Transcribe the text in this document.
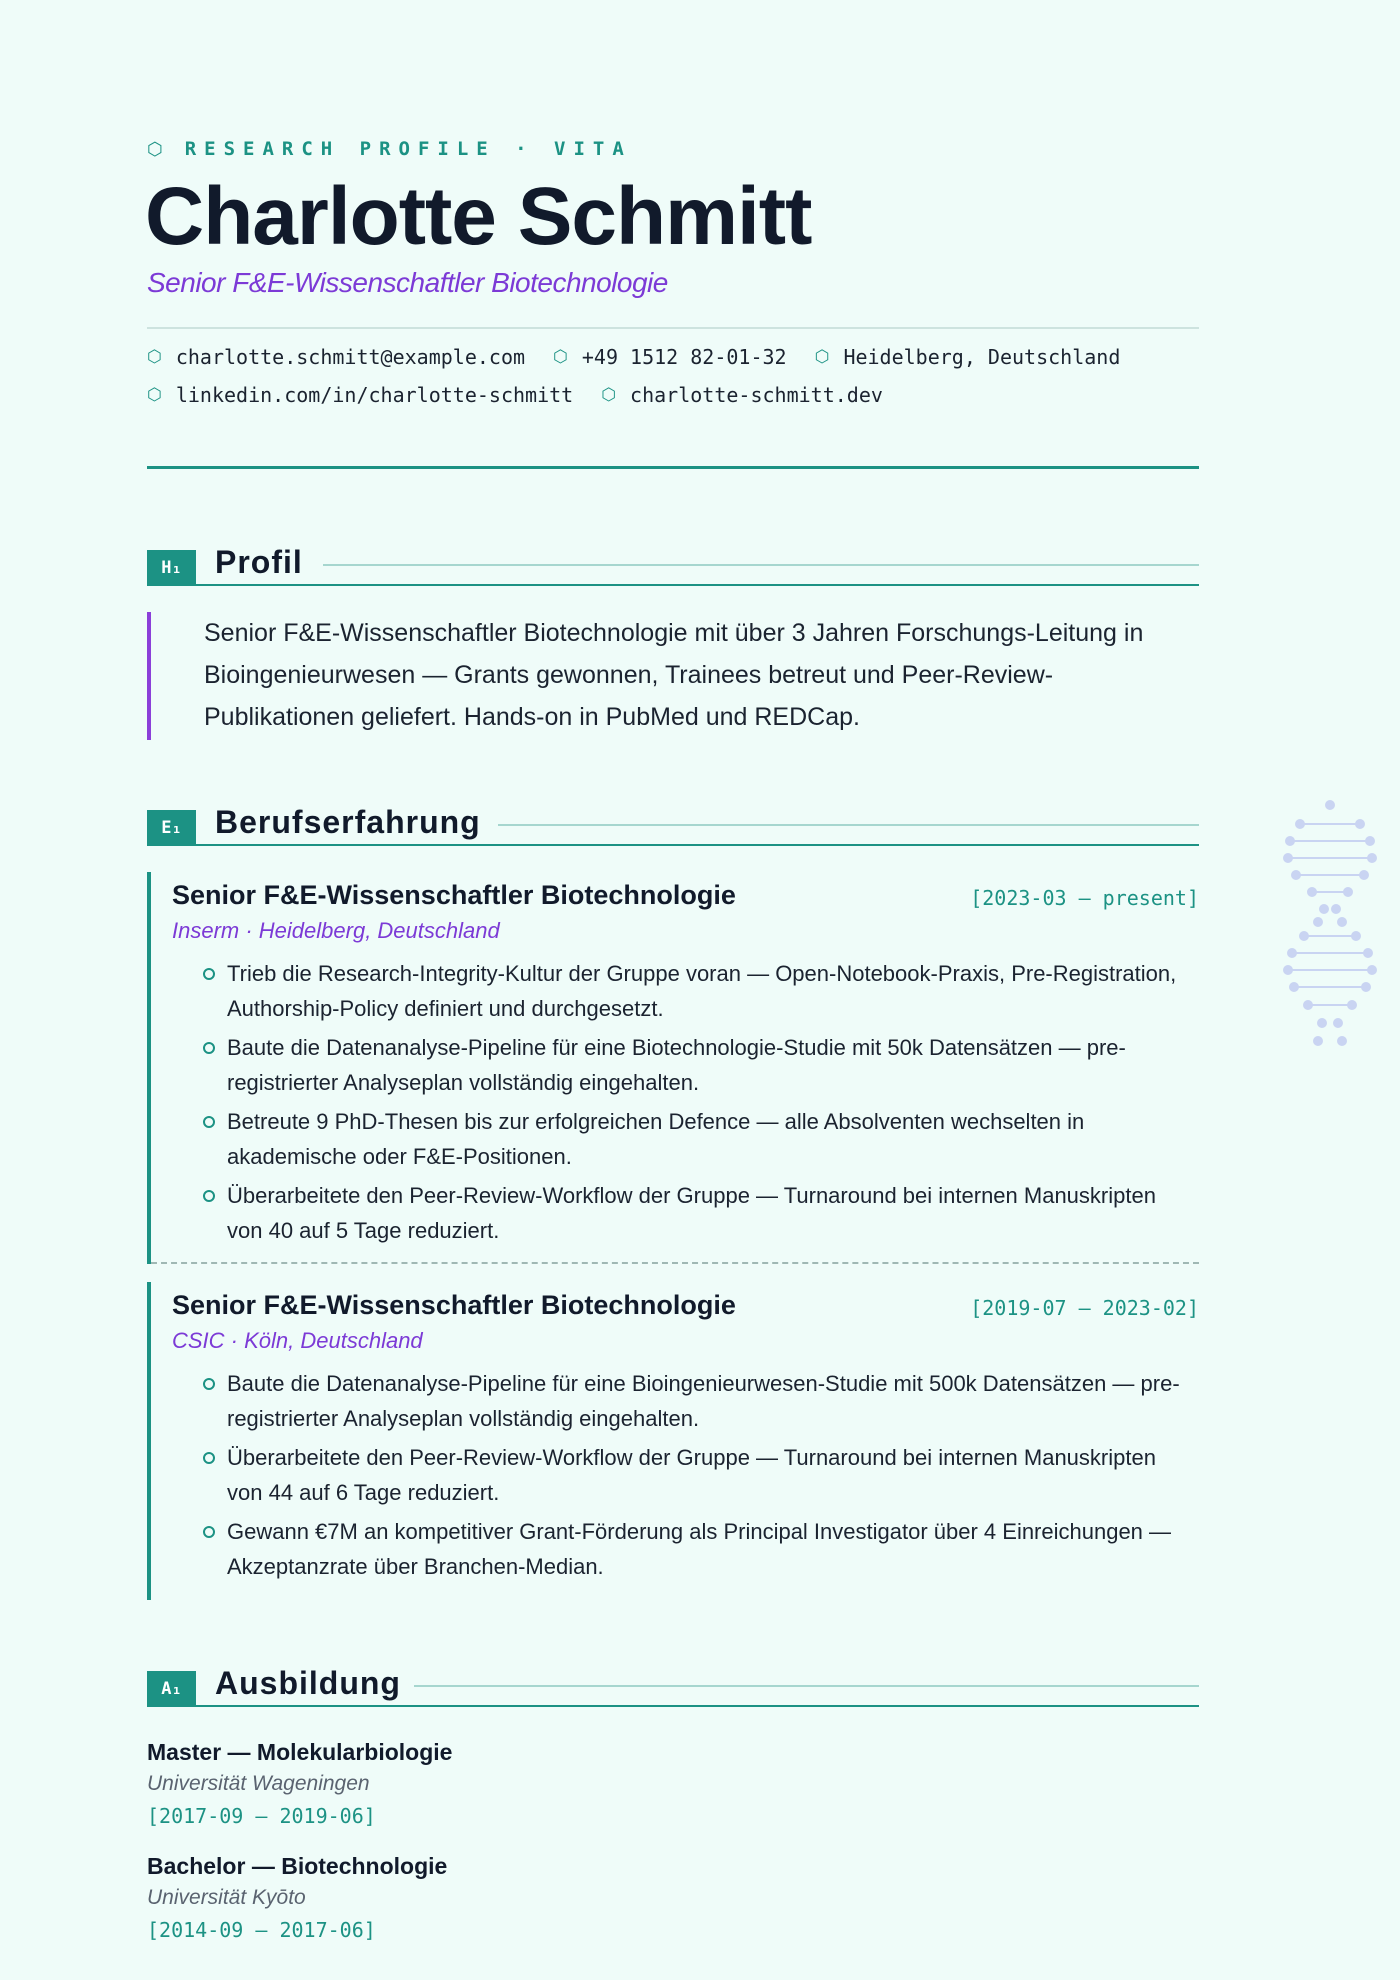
⬡ RESEARCH PROFILE · VITA
Charlotte Schmitt
Senior F&E-Wissenschaftler Biotechnologie
⬡ charlotte.schmitt@example.com ⬡ +49 1512 82-01-32 ⬡ Heidelberg, Deutschland
⬡ linkedin.com/in/charlotte-schmitt ⬡ charlotte-schmitt.dev
H₁	Profil
Senior F&E-Wissenschaftler Biotechnologie mit über 3 Jahren Forschungs-Leitung in Bioingenieurwesen — Grants gewonnen, Trainees betreut und Peer-Review-Publikationen geliefert. Hands-on in PubMed und REDCap.
E₁	Berufserfahrung
Senior F&E-Wissenschaftler Biotechnologie	[2023-03 — present]
Inserm · Heidelberg, Deutschland
Trieb die Research-Integrity-Kultur der Gruppe voran — Open-Notebook-Praxis, Pre-Registration, Authorship-Policy definiert und durchgesetzt.
Baute die Datenanalyse-Pipeline für eine Biotechnologie-Studie mit 50k Datensätzen — pre-registrierter Analyseplan vollständig eingehalten.
Betreute 9 PhD-Thesen bis zur erfolgreichen Defence — alle Absolventen wechselten in akademische oder F&E-Positionen.
Überarbeitete den Peer-Review-Workflow der Gruppe — Turnaround bei internen Manuskripten von 40 auf 5 Tage reduziert.
Senior F&E-Wissenschaftler Biotechnologie	[2019-07 — 2023-02]
CSIC · Köln, Deutschland
Baute die Datenanalyse-Pipeline für eine Bioingenieurwesen-Studie mit 500k Datensätzen — pre-registrierter Analyseplan vollständig eingehalten.
Überarbeitete den Peer-Review-Workflow der Gruppe — Turnaround bei internen Manuskripten von 44 auf 6 Tage reduziert.
Gewann €7M an kompetitiver Grant-Förderung als Principal Investigator über 4 Einreichungen — Akzeptanzrate über Branchen-Median.
A₁	Ausbildung
Master — Molekularbiologie
Universität Wageningen
[2017-09 – 2019-06]
Bachelor — Biotechnologie
Universität Kyōto
[2014-09 – 2017-06]
